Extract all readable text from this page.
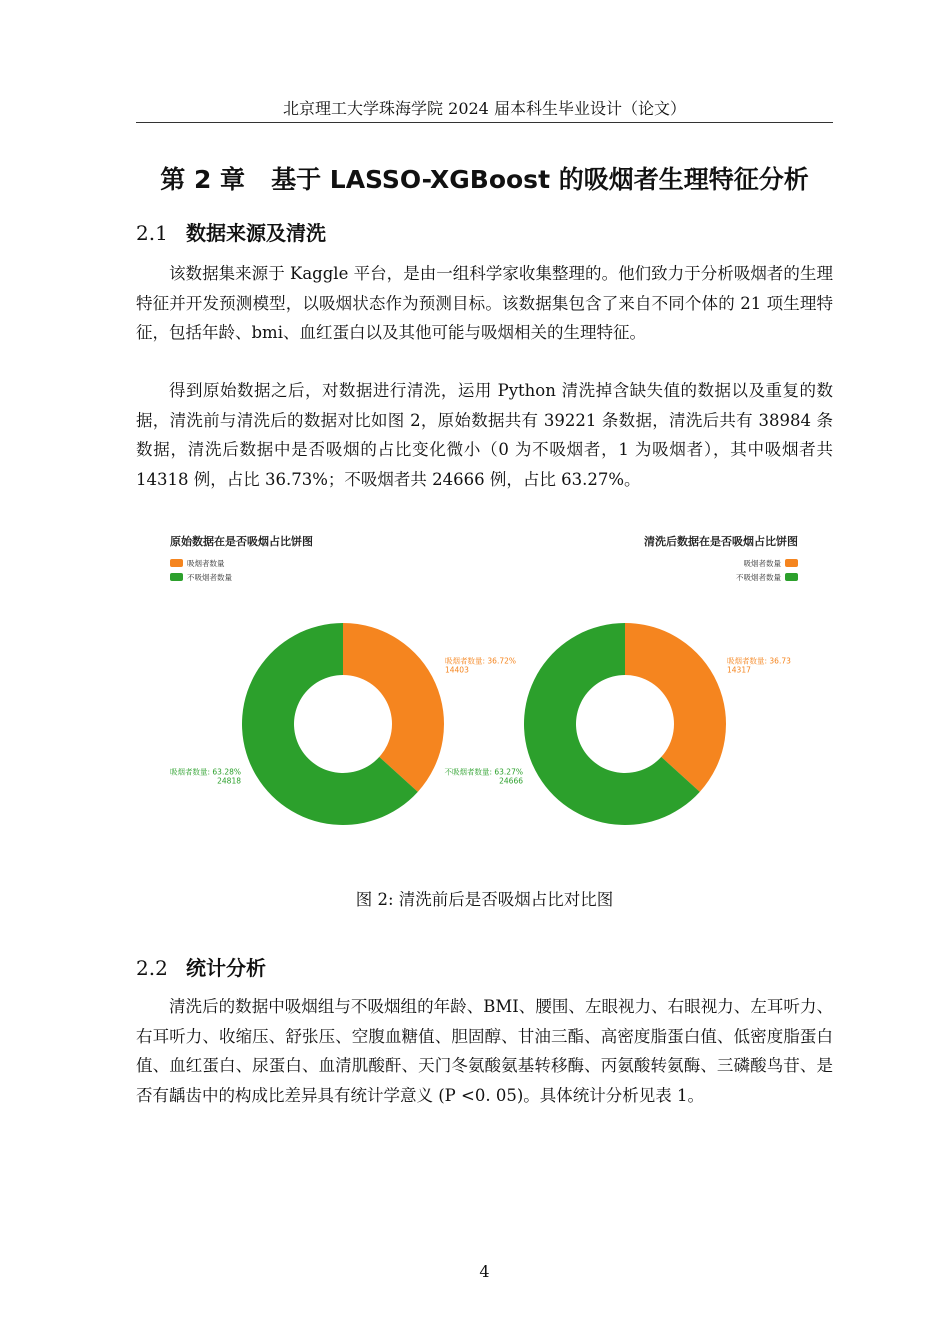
北京理工大学珠海学院 2024 届本科生毕业设计（论文）
第 2 章 基于 LASSO-XGBoost 的吸烟者生理特征分析
2.1 数据来源及清洗

该数据集来源于 Kaggle 平台，是由一组科学家收集整理的。他们致力于分析吸烟者的生理特征并开发预测模型，以吸烟状态作为预测目标。该数据集包含了来自不同个体的 21 项生理特征，包括年龄、bmi、血红蛋白以及其他可能与吸烟相关的生理特征。

得到原始数据之后，对数据进行清洗，运用 Python 清洗掉含缺失值的数据以及重复的数据，清洗前与清洗后的数据对比如图 2，原始数据共有 39221 条数据，清洗后共有 38984 条数据，清洗后数据中是否吸烟的占比变化微小（0 为不吸烟者，1 为吸烟者），其中吸烟者共 14318 例，占比 36.73%；不吸烟者共 24666 例，占比 63.27%。

原始数据在是否吸烟占比饼图
吸烟者数量
不吸烟者数量
吸烟者数量: 36.72%
14403
吸烟者数量: 63.28%
24818
清洗后数据在是否吸烟占比饼图
吸烟者数量
不吸烟者数量
吸烟者数量: 36.73
14317
不吸烟者数量: 63.27%
24666
图 2: 清洗前后是否吸烟占比对比图
2.2 统计分析

清洗后的数据中吸烟组与不吸烟组的年龄、BMI、腰围、左眼视力、右眼视力、左耳听力、右耳听力、收缩压、舒张压、空腹血糖值、胆固醇、甘油三酯、高密度脂蛋白值、低密度脂蛋白值、血红蛋白、尿蛋白、血清肌酸酐、天门冬氨酸氨基转移酶、丙氨酸转氨酶、三磷酸鸟苷、是否有龋齿中的构成比差异具有统计学意义 (P <0. 05)。具体统计分析见表 1。

4
